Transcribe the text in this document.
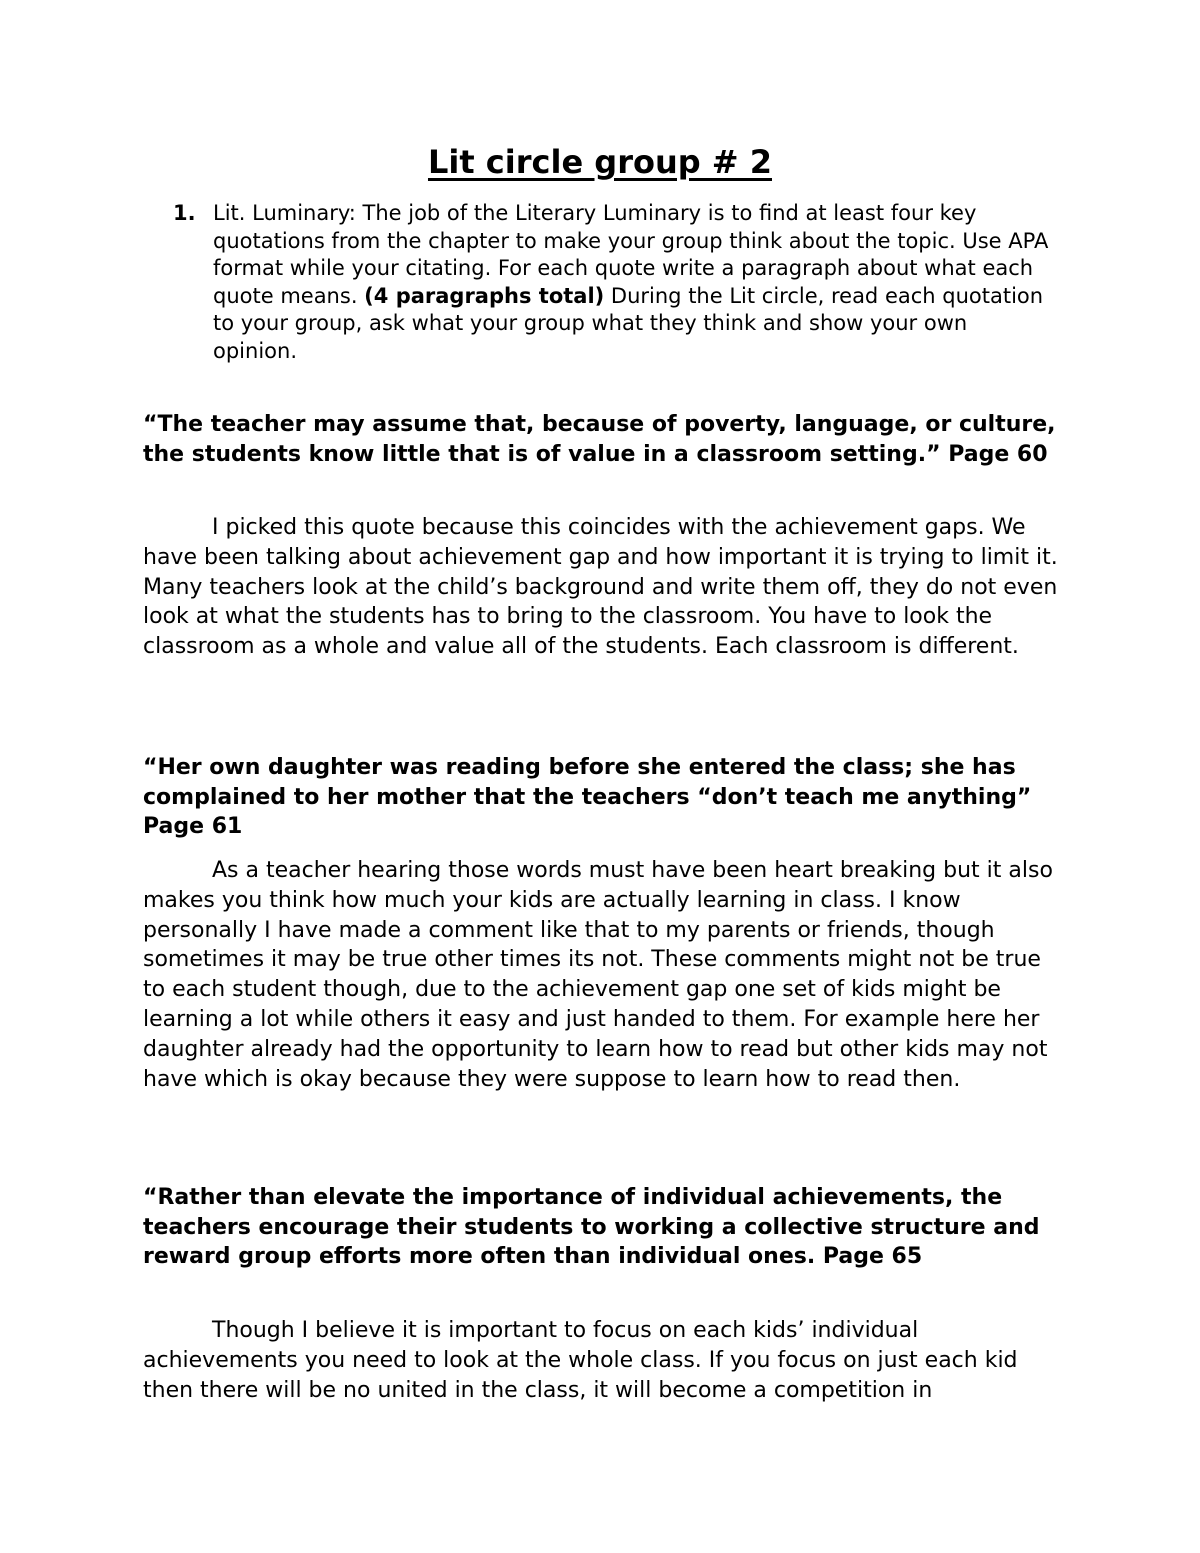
Lit circle group # 2
1. Lit. Luminary: The job of the Literary Luminary is to find at least four key quotations from the chapter to make your group think about the topic. Use APA format while your citating. For each quote write a paragraph about what each quote means. (4 paragraphs total) During the Lit circle, read each quotation to your group, ask what your group what they think and show your own opinion.

“The teacher may assume that, because of poverty, language, or culture, the students know little that is of value in a classroom setting.” Page 60

I picked this quote because this coincides with the achievement gaps. We have been talking about achievement gap and how important it is trying to limit it. Many teachers look at the child’s background and write them off, they do not even look at what the students has to bring to the classroom. You have to look the classroom as a whole and value all of the students. Each classroom is different.

“Her own daughter was reading before she entered the class; she has complained to her mother that the teachers “don’t teach me anything” Page 61

As a teacher hearing those words must have been heart breaking but it also makes you think how much your kids are actually learning in class. I know personally I have made a comment like that to my parents or friends, though sometimes it may be true other times its not. These comments might not be true to each student though, due to the achievement gap one set of kids might be learning a lot while others it easy and just handed to them. For example here her daughter already had the opportunity to learn how to read but other kids may not have which is okay because they were suppose to learn how to read then.

“Rather than elevate the importance of individual achievements, the teachers encourage their students to working a collective structure and reward group efforts more often than individual ones. Page 65

Though I believe it is important to focus on each kids’ individual achievements you need to look at the whole class. If you focus on just each kid then there will be no united in the class, it will become a competition in
